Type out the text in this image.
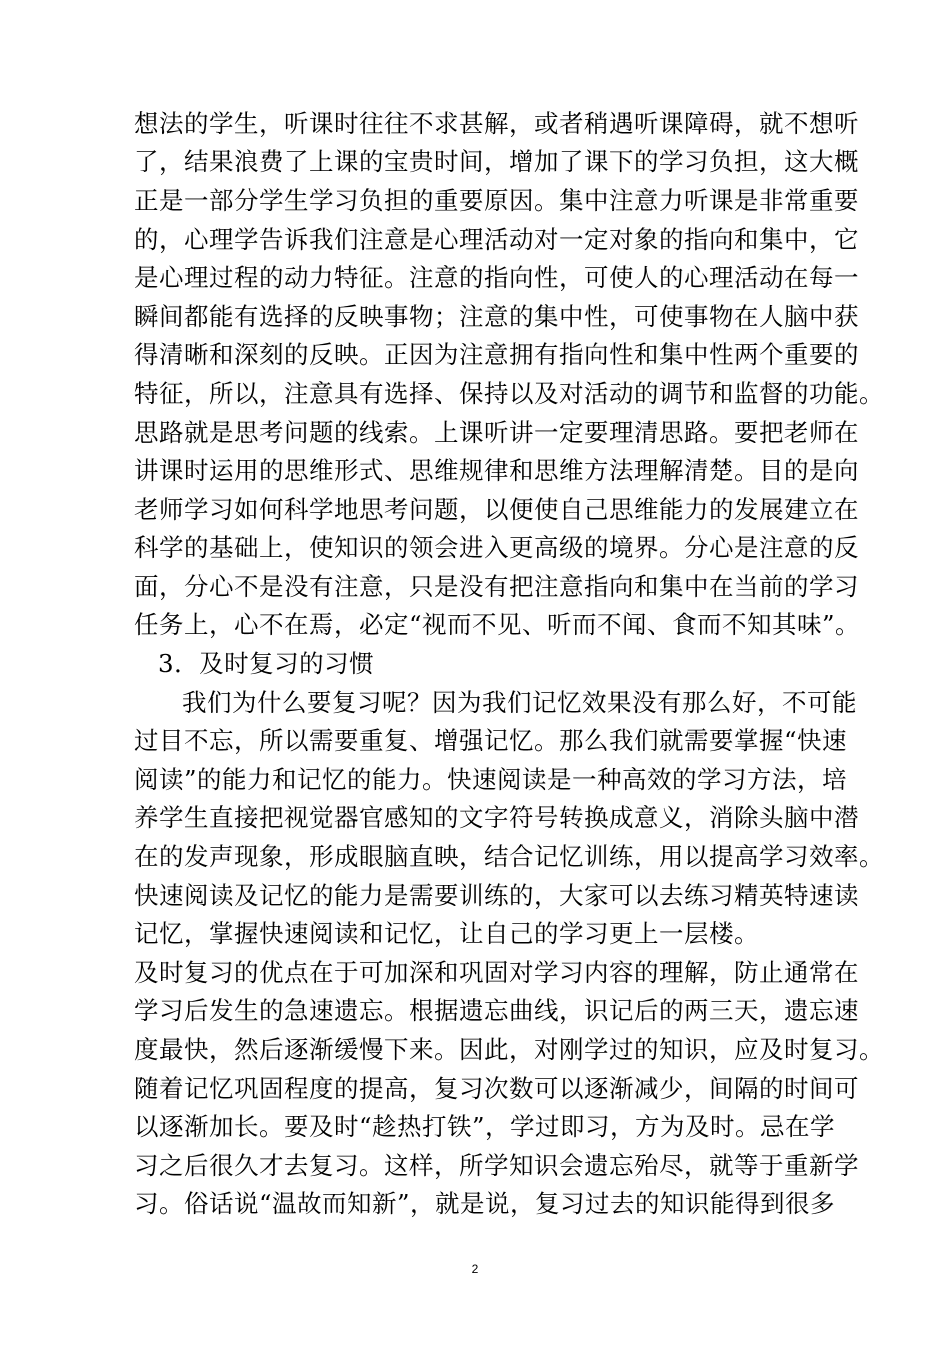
想法的学生，听课时往往不求甚解，或者稍遇听课障碍，就不想听
了，结果浪费了上课的宝贵时间，增加了课下的学习负担，这大概
正是一部分学生学习负担的重要原因。集中注意力听课是非常重要
的，心理学告诉我们注意是心理活动对一定对象的指向和集中，它
是心理过程的动力特征。注意的指向性，可使人的心理活动在每一
瞬间都能有选择的反映事物；注意的集中性，可使事物在人脑中获
得清晰和深刻的反映。正因为注意拥有指向性和集中性两个重要的
特征，所以，注意具有选择、保持以及对活动的调节和监督的功能。
思路就是思考问题的线索。上课听讲一定要理清思路。要把老师在
讲课时运用的思维形式、思维规律和思维方法理解清楚。目的是向
老师学习如何科学地思考问题，以便使自己思维能力的发展建立在
科学的基础上，使知识的领会进入更高级的境界。分心是注意的反
面，分心不是没有注意，只是没有把注意指向和集中在当前的学习
任务上，心不在焉，必定“视而不见、听而不闻、食而不知其味”。
3．及时复习的习惯
我们为什么要复习呢？因为我们记忆效果没有那么好，不可能
过目不忘，所以需要重复、增强记忆。那么我们就需要掌握“快速
阅读”的能力和记忆的能力。快速阅读是一种高效的学习方法，培
养学生直接把视觉器官感知的文字符号转换成意义，消除头脑中潜
在的发声现象，形成眼脑直映，结合记忆训练，用以提高学习效率。
快速阅读及记忆的能力是需要训练的，大家可以去练习精英特速读
记忆，掌握快速阅读和记忆，让自己的学习更上一层楼。
及时复习的优点在于可加深和巩固对学习内容的理解，防止通常在
学习后发生的急速遗忘。根据遗忘曲线，识记后的两三天，遗忘速
度最快，然后逐渐缓慢下来。因此，对刚学过的知识，应及时复习。
随着记忆巩固程度的提高，复习次数可以逐渐减少，间隔的时间可
以逐渐加长。要及时“趁热打铁”，学过即习，方为及时。忌在学
习之后很久才去复习。这样，所学知识会遗忘殆尽，就等于重新学
习。俗话说“温故而知新”，就是说，复习过去的知识能得到很多
2
